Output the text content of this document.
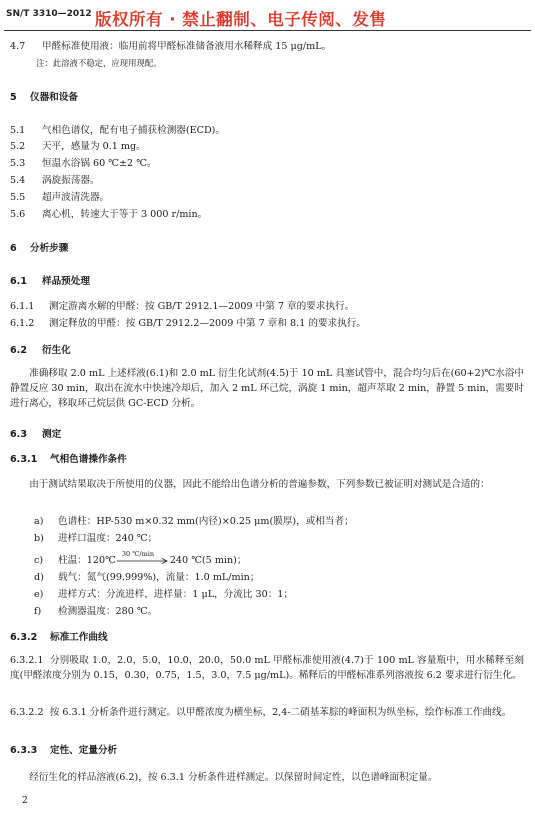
SN/T 3310—2012 版权所有 · 禁止翻制、电子传阅、发售
4.7 甲醛标准使用液：临用前将甲醛标准储备液用水稀释成 15 μg/mL。
注：此溶液不稳定，应现用现配。
5 仪器和设备
5.1 气相色谱仪，配有电子捕获检测器(ECD)。
5.2 天平，感量为 0.1 mg。
5.3 恒温水浴锅 60 ℃±2 ℃。
5.4 涡旋振荡器。
5.5 超声波清洗器。
5.6 离心机，转速大于等于 3 000 r/min。
6 分析步骤
6.1 样品预处理
6.1.1 测定游离水解的甲醛：按 GB/T 2912.1—2009 中第 7 章的要求执行。
6.1.2 测定释放的甲醛：按 GB/T 2912.2—2009 中第 7 章和 8.1 的要求执行。
6.2 衍生化
准确移取 2.0 mL 上述样液(6.1)和 2.0 mL 衍生化试剂(4.5)于 10 mL 具塞试管中，混合均匀后在(60+2)℃水浴中静置反应 30 min，取出在流水中快速冷却后，加入 2 mL 环己烷，涡旋 1 min，超声萃取 2 min，静置 5 min，需要时进行离心，移取环己烷层供 GC-ECD 分析。
6.3 测定
6.3.1 气相色谱操作条件
由于测试结果取决于所使用的仪器，因此不能给出色谱分析的普遍参数，下列参数已被证明对测试是合适的：
a) 色谱柱：HP-530 m×0.32 mm(内径)×0.25 μm(膜厚)，或相当者；
b) 进样口温度：240 ℃；
c) 柱温：120℃
30 ℃/min
240 ℃(5 min)；
d) 载气：氮气(99.999%)，流量：1.0 mL/min；
e) 进样方式：分流进样，进样量：1 μL，分流比 30：1；
f) 检测器温度：280 ℃。
6.3.2 标准工作曲线
6.3.2.1 分别吸取 1.0，2.0，5.0，10.0，20.0，50.0 mL 甲醛标准使用液(4.7)于 100 mL 容量瓶中，用水稀释至刻度(甲醛浓度分别为 0.15，0.30，0.75，1.5，3.0，7.5 μg/mL)。稀释后的甲醛标准系列溶液按 6.2 要求进行衍生化。
6.3.2.2 按 6.3.1 分析条件进行测定。以甲醛浓度为横坐标，2,4-二硝基苯腙的峰面积为纵坐标，绘作标准工作曲线。
6.3.3 定性、定量分析
经衍生化的样品溶液(6.2)，按 6.3.1 分析条件进样测定。以保留时间定性，以色谱峰面积定量。
2
